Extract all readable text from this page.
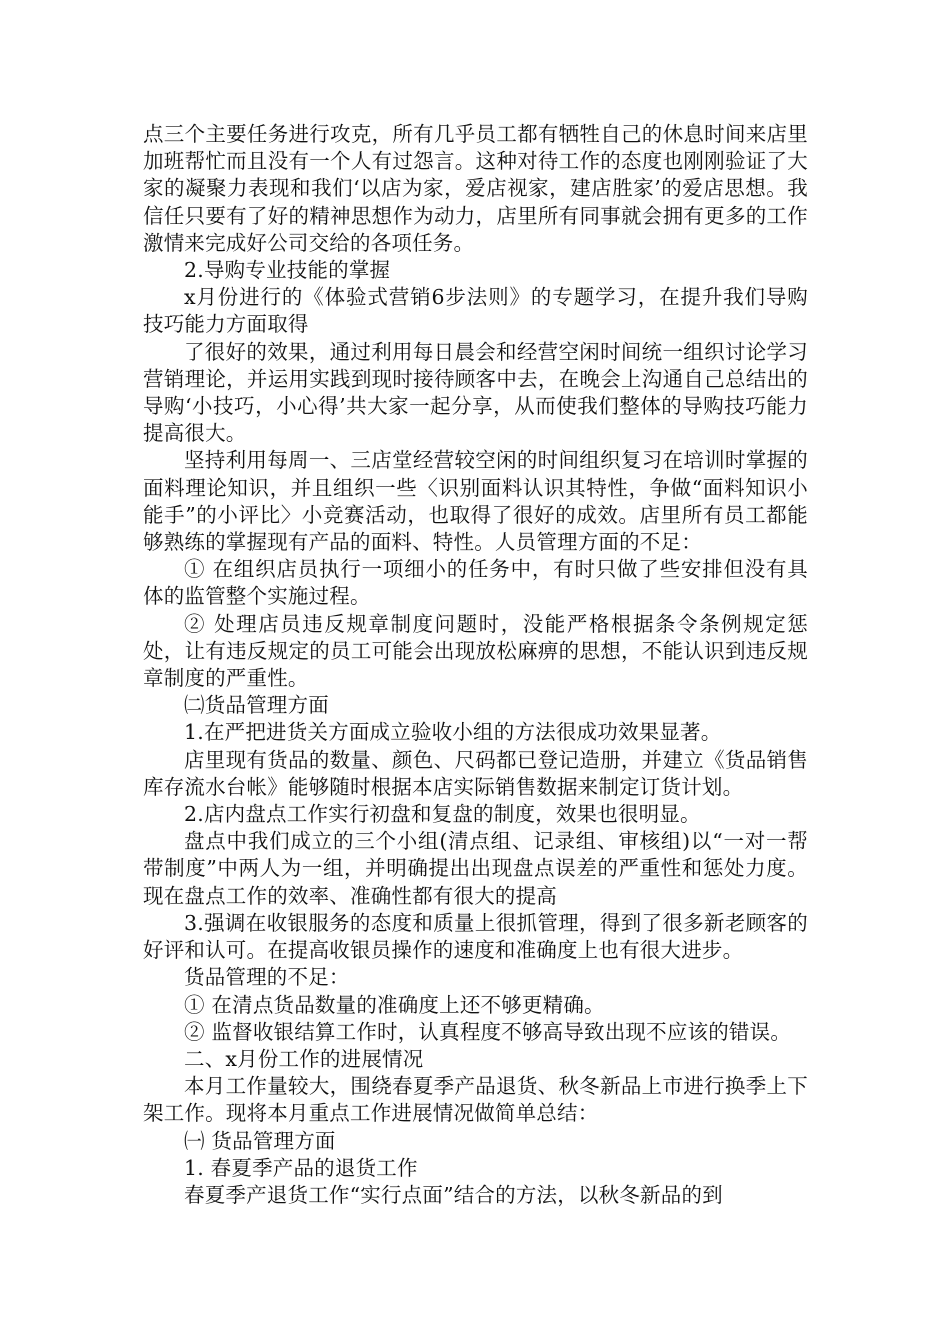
点三个主要任务进行攻克，所有几乎员工都有牺牲自己的休息时间来店里加班帮忙而且没有一个人有过怨言。这种对待工作的态度也刚刚验证了大家的凝聚力表现和我们‘以店为家，爱店视家，建店胜家’的爱店思想。我信任只要有了好的精神思想作为动力，店里所有同事就会拥有更多的工作激情来完成好公司交给的各项任务。

2.导购专业技能的掌握

x月份进行的《体验式营销6步法则》的专题学习，在提升我们导购技巧能力方面取得

了很好的效果，通过利用每日晨会和经营空闲时间统一组织讨论学习营销理论，并运用实践到现时接待顾客中去，在晚会上沟通自己总结出的导购‘小技巧，小心得’共大家一起分享，从而使我们整体的导购技巧能力提高很大。

坚持利用每周一、三店堂经营较空闲的时间组织复习在培训时掌握的面料理论知识，并且组织一些〈识别面料认识其特性，争做“面料知识小能手”的小评比〉小竞赛活动，也取得了很好的成效。店里所有员工都能够熟练的掌握现有产品的面料、特性。人员管理方面的不足：

① 在组织店员执行一项细小的任务中，有时只做了些安排但没有具体的监管整个实施过程。

② 处理店员违反规章制度问题时，没能严格根据条令条例规定惩处，让有违反规定的员工可能会出现放松麻痹的思想，不能认识到违反规章制度的严重性。

㈡货品管理方面

1.在严把进货关方面成立验收小组的方法很成功效果显著。

店里现有货品的数量、颜色、尺码都已登记造册，并建立《货品销售库存流水台帐》能够随时根据本店实际销售数据来制定订货计划。

2.店内盘点工作实行初盘和复盘的制度，效果也很明显。

盘点中我们成立的三个小组(清点组、记录组、审核组)以“一对一帮带制度”中两人为一组，并明确提出出现盘点误差的严重性和惩处力度。现在盘点工作的效率、准确性都有很大的提高

3.强调在收银服务的态度和质量上很抓管理，得到了很多新老顾客的好评和认可。在提高收银员操作的速度和准确度上也有很大进步。

货品管理的不足：

① 在清点货品数量的准确度上还不够更精确。

② 监督收银结算工作时，认真程度不够高导致出现不应该的错误。

二、x月份工作的进展情况

本月工作量较大，围绕春夏季产品退货、秋冬新品上市进行换季上下架工作。现将本月重点工作进展情况做简单总结：

㈠ 货品管理方面

1. 春夏季产品的退货工作

春夏季产退货工作“实行点面”结合的方法，以秋冬新品的到
